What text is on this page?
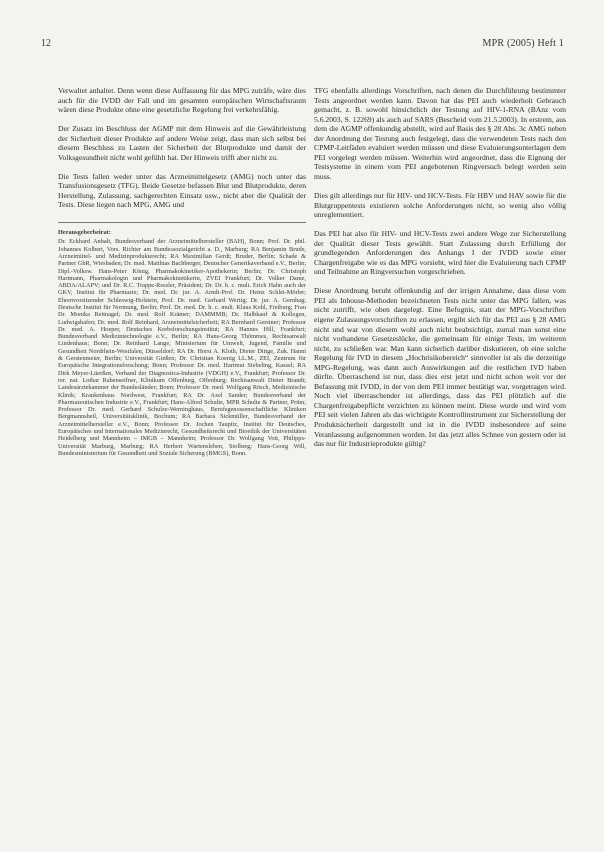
12	MPR (2005) Heft 1

Verwaltet anhaltet. Denn wenn diese Auffassung für das MPG zuträfe, wäre dies auch für die IVDD der Fall und im gesamten europäischen Wirtschaftsraum wären diese Produkte ohne eine gesetzliche Regelung frei verkehrsfähig.

Der Zusatz im Beschluss der AGMP mit dem Hinweis auf die Gewährleistung der Sicherheit dieser Produkte auf andere Weise zeigt, dass man sich selbst bei diesem Beschluss zu Lasten der Sicherheit der Blutprodukte und damit der Volksgesundheit nicht wohl gefühlt hat. Der Hinweis trifft aber nicht zu.

Die Tests fallen weder unter das Arzneimittelgesetz (AMG) noch unter das Transfusionsgesetz (TFG). Beide Gesetze befassen Blut und Blutprodukte, deren Herstellung, Zulassung, sachgerechten Einsatz usw., nicht aber die Qualität der Tests. Diese liegen nach MPG, AMG und

Herausgeberbeirat:

Dr. Eckhard Anhalt, Bundesverband der Arzneimittelhersteller (BAH), Bonn; Prof. Dr. phil. Johannes Kolbert, Vors. Richter am Bundessozialgericht a. D., Marburg; RA Benjamin Brude, Arzneimittel- und Medizinprodukterecht; RA Maximilian Gerdt; Bruder, Berlin; Schade & Partner GbR, Wiesbaden; Dr. med. Matthias Bachberger, Deutscher Generikaverband e.V., Berlin; Dipl.-Volksw. Hans-Peter König, Pharmakokinetiker-Apothekerin; Berlin; Dr. Christoph Hartmann, Pharmakologin und Pharmakokinetikerin, ZVEI Frankfurt; Dr. Volker Dame, ABDA/ALAPV; und Dr. R.C. Trappe-Ressler, Präsident; Dr. Dr. h. c. mult. Erich Hahn auch der GKV, Institut für Pharmazie; Dr. med. Dr. jur. A. Arndt-Prof. Dr. Heinz Schlei-Mörler; Ehrenvorsitzender Schleswig-Holstein, Prof. Dr. med. Gerhard Wertig; Dr. jur. A. Gernhag; Deutsche Institut für Normung, Berlin; Prof. Dr. med. Dr. h. c. mult. Klaus Kohl, Freiburg; Frau Dr. Monika Reitnagel; Dr. med. Rolf Krämer; DAMMMB; Dr. Halbkauf & Kollegen, Ludwigshafen; Dr. med. Rolf Reinhard, Arzneimittelsicherheit; RA Bernhard Gerstner; Professor Dr. med. A. Hoeper, Deutsches Krebsforschungsinstitut; RA Hannes Hill, Frankfurt; Bundesverband Medizintechnologie e.V., Berlin; RA Hans-Georg Thömmes, Rechtsanwalt Lindenhaus; Bonn; Dr. Reinhard Lange, Ministerium für Umwelt, Jugend, Familie und Gesundheit Nordrhein-Westfalen, Düsseldorf; RA Dr. Horst A. Kloth, Dieter Dittge, Zuk. Hanni & Gerstenmeier, Berlin; Universität Gießen; Dr. Christian Koenig LL.M., ZEI, Zentrum für Europäische Integrationsforschung; Bonn; Professor Dr. med. Hartmut Siebeling, Kassel; RA Dirk Meyer-Lüerßen, Verband der Diagnostica-Industrie (VDGH) e.V., Frankfurt; Professor Dr. rer. nat. Lothar Rabenseifner, Klinikum Offenburg, Offenburg; Rechtsanwalt Dieter Brandt; Landesärztekammer der Bundesländer; Bonn; Professor Dr. med. Wolfgang Rösch, Medizinische Klinik; Krankenhaus Nordwest, Frankfurt; RA Dr. Axel Sander; Bundesverband der Pharmazeutischen Industrie e.V., Frankfurt; Hans-Alfred Schulte, MPR Schulte & Partner, Prüm; Professor Dr. med. Gerhard Schulze-Werninghaus, Berufsgenossenschaftliche Kliniken Bergmannsheil, Universitätsklinik, Bochum; RA Barbara Sickmüller, Bundesverband der Arzneimittelhersteller e.V., Bonn; Professor Dr. Jochen Taupitz, Institut für Deutsches, Europäisches und Internationales Medizinrecht, Gesundheitsrecht und Bioethik der Universitäten Heidelberg und Mannheim – IMGB – Mannheim; Professor Dr. Wolfgang Voit, Philipps-Universität Marburg, Marburg; RA Herbert Wartensleben, Stolberg; Hans-Georg Will, Bundesministerium für Gesundheit und Soziale Sicherung (BMGS), Bonn.

TFG ebenfalls allerdings Vorschriften, nach denen die Durchführung bestimmter Tests angeordnet werden kann. Davon hat das PEI auch wiederholt Gebrauch gemacht, z. B. sowohl hinsichtlich der Testung auf HIV-1-RNA (BAnz vom 5.6.2003, S. 12269) als auch auf SARS (Bescheid vom 21.5.2003). In erstrem, aus dem die AGMP offenkundig abstellt, wird auf Basis des § 28 Abs. 3c AMG neben der Anordnung der Testung auch festgelegt, dass die verwendeten Tests nach den CPMP-Leitfäden evaluiert werden müssen und diese Evaluierungsunterlagen dem PEI vorgelegt werden müssen. Weiterhin wird angeordnet, dass die Eignung der Testsysteme in einem vom PEI angebotenen Ringversuch belegt werden sein muss.

Dies gilt allerdings nur für HIV- und HCV-Tests. Für HBV und HAV sowie für die Blutgruppentests existieren solche Anforderungen nicht, so wenig also völlig unreglementiert.

Das PEI hat also für HIV- und HCV-Tests zwei andere Wege zur Sicherstellung der Qualität dieser Tests gewählt. Statt Zulassung durch Erfüllung der grundlegenden Anforderungen des Anhangs I der IVDD sowie einer Chargenfreigabe wie es das MPG vorsieht, wird hier die Evaluierung nach CPMP und Teilnahme an Ringversuchen vorgeschrieben.

Diese Anordnung beruht offenkundig auf der irrigen Annahme, dass diese vom PEI als Inhouse-Methoden bezeichneten Tests nicht unter das MPG fallen, was nicht zutrifft, wie oben dargelegt. Eine Befugnis, statt der MPG-Vorschriften eigene Zulassungsvorschriften zu erlassen, ergibt sich für das PEI aus § 28 AMG nicht und war von diesem wohl auch nicht beabsichtigt, zumal man sonst eine nicht vorhandene Gesetzeslücke, die gemeinsam für einige Tests, im weiteren nicht, zu schließen war. Man kann sicherlich darüber diskutieren, ob eine solche Regelung für IVD in diesem „Hochrisikobereich“ sinnvoller ist als die derzeitige MPG-Regelung, was dann auch Auswirkungen auf die restlichen IVD haben dürfte. Überraschend ist nur, dass dies erst jetzt und nicht schon weit vor der Befassung mit IVDD, in der von dem PEI immer bestätigt war, vorgetragen wird. Noch viel überraschender ist allerdings, dass das PEI plötzlich auf die Chargenfreigabepflicht verzichten zu können meint. Diese wurde und wird vom PEI seit vielen Jahren als das wichtigste Kontrollinstrument zur Sicherstellung der Produktsicherheit dargestellt und ist in die IVDD insbesondere auf seine Veranlassung aufgenommen worden. Ist das jetzt alles Schnee von gestern oder ist das nur für Industrieprodukte gültig?
